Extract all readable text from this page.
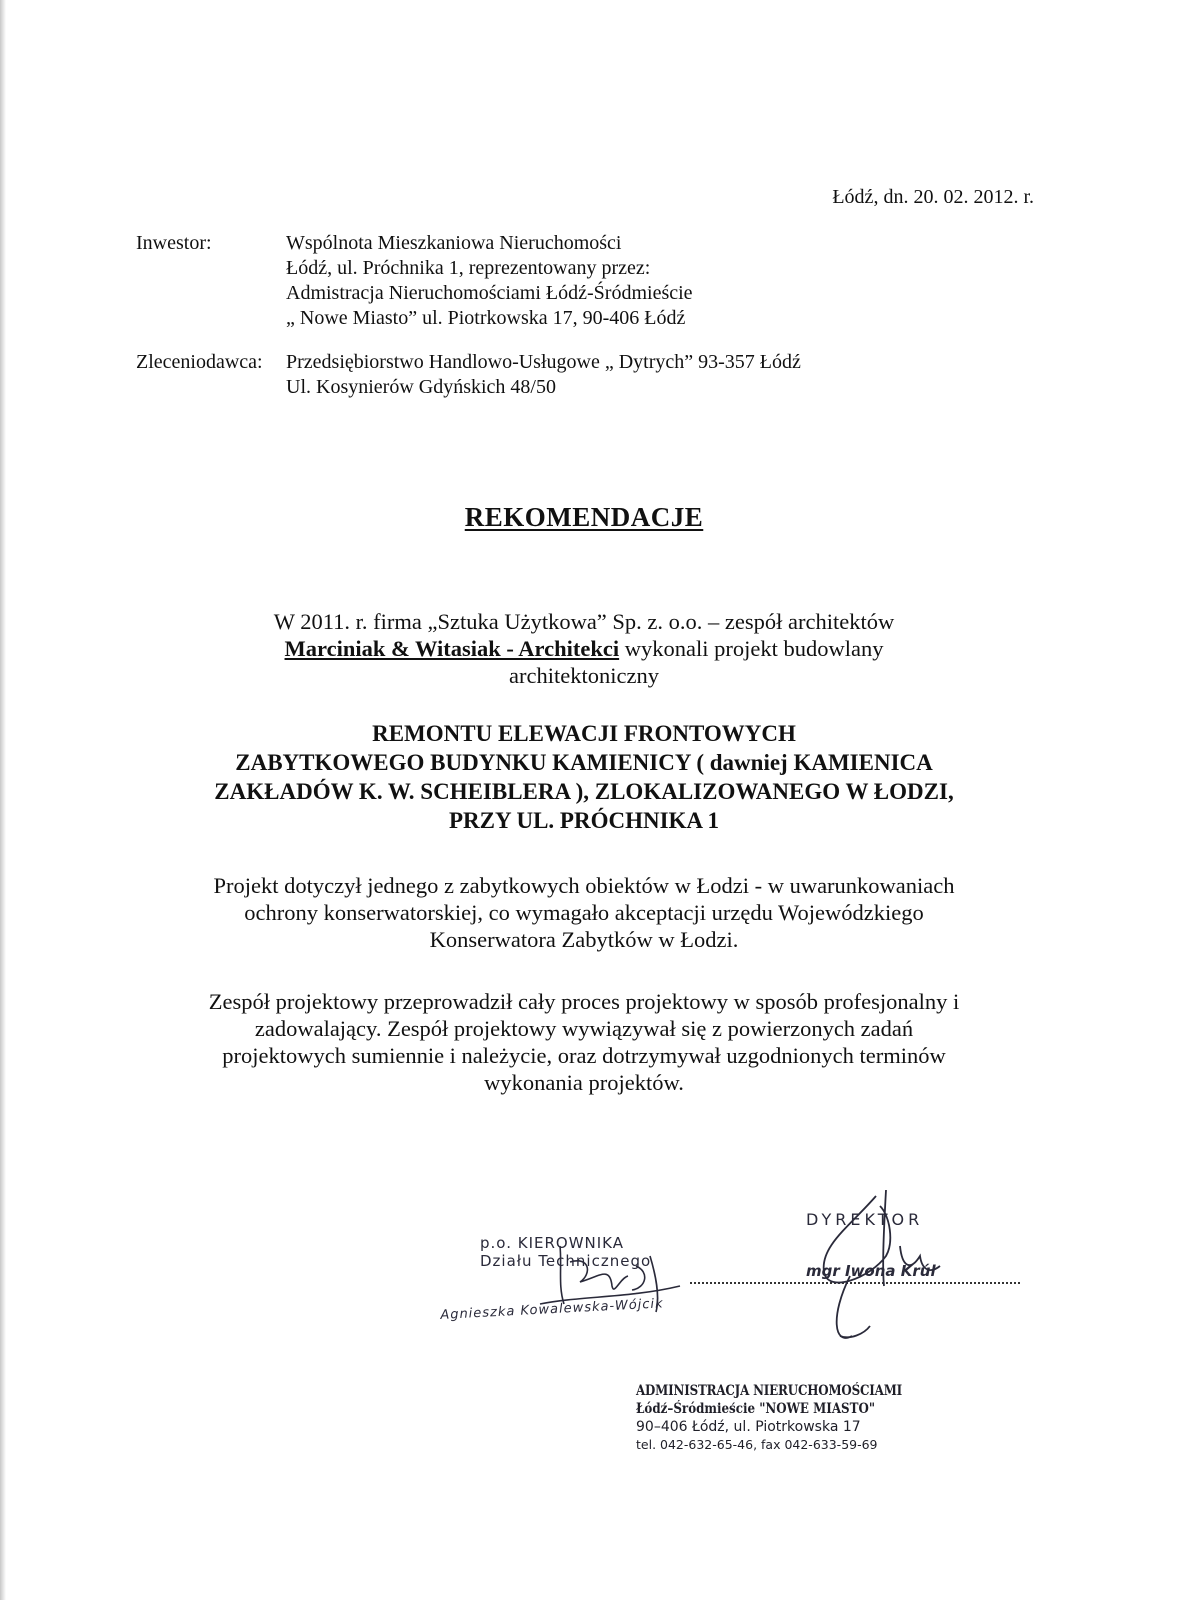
Łódź, dn. 20. 02. 2012. r.
Inwestor:	Wspólnota Mieszkaniowa Nieruchomości
Łódź, ul. Próchnika 1, reprezentowany przez:
Admistracja Nieruchomościami Łódź-Śródmieście
„ Nowe Miasto” ul. Piotrkowska 17, 90-406 Łódź
Zleceniodawca: Przedsiębiorstwo Handlowo-Usługowe „ Dytrych” 93-357 Łódź
Ul. Kosynierów Gdyńskich 48/50
REKOMENDACJE
W 2011. r. firma „Sztuka Użytkowa” Sp. z. o.o. – zespół architektów
Marciniak & Witasiak - Architekci wykonali projekt budowlany
architektoniczny
REMONTU ELEWACJI FRONTOWYCH
ZABYTKOWEGO BUDYNKU KAMIENICY ( dawniej KAMIENICA
ZAKŁADÓW K. W. SCHEIBLERA ), ZLOKALIZOWANEGO W ŁODZI,
PRZY UL. PRÓCHNIKA 1
Projekt dotyczył jednego z zabytkowych obiektów w Łodzi - w uwarunkowaniach
ochrony konserwatorskiej, co wymagało akceptacji urzędu Wojewódzkiego
Konserwatora Zabytków w Łodzi.
Zespół projektowy przeprowadził cały proces projektowy w sposób profesjonalny i
zadowalający. Zespół projektowy wywiązywał się z powierzonych zadań
projektowych sumiennie i należycie, oraz dotrzymywał uzgodnionych terminów
wykonania projektów.
p.o. KIEROWNIKA
Działu Technicznego
Agnieszka Kowalewska-Wójcik
DYREKTOR
mgr Iwona Krúl
ADMINISTRACJA NIERUCHOMOŚCIAMI
Łódź–Śródmieście "NOWE MIASTO"
90–406 Łódź, ul. Piotrkowska 17
tel. 042-632-65-46, fax 042-633-59-69
